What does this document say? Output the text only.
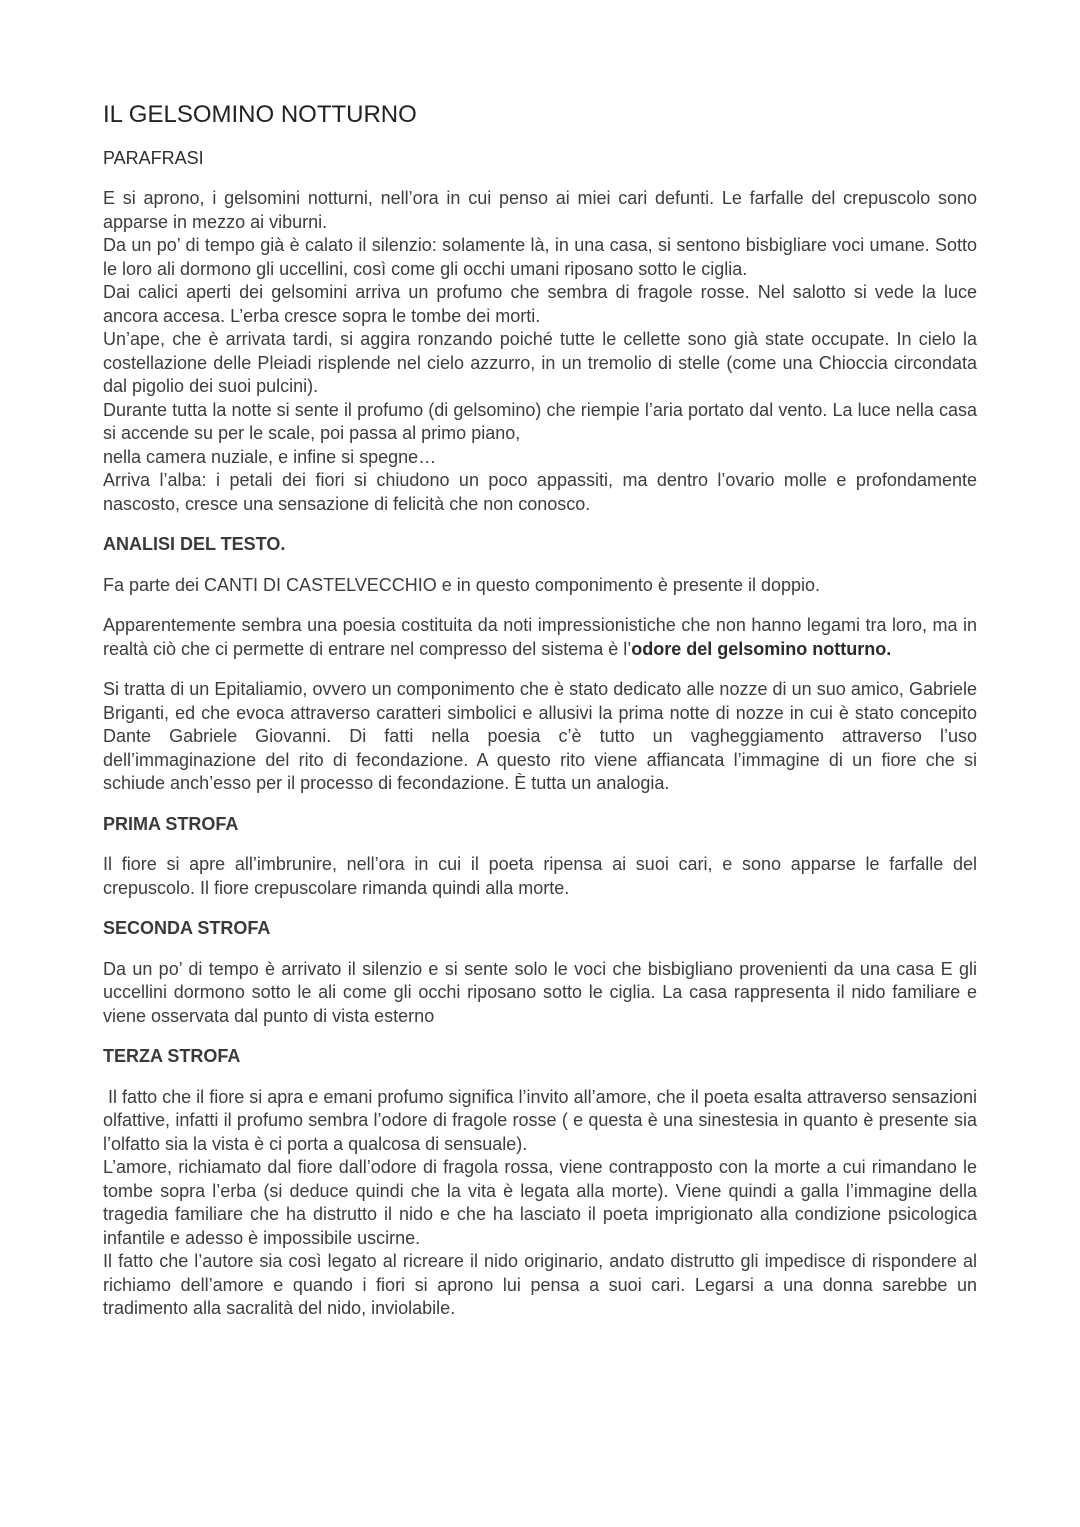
IL GELSOMINO NOTTURNO
PARAFRASI

E si aprono, i gelsomini notturni, nell’ora in cui penso ai miei cari defunti. Le farfalle del crepuscolo sono apparse in mezzo ai viburni.

Da un po’ di tempo già è calato il silenzio: solamente là, in una casa, si sentono bisbigliare voci umane. Sotto le loro ali dormono gli uccellini, così come gli occhi umani riposano sotto le ciglia.

Dai calici aperti dei gelsomini arriva un profumo che sembra di fragole rosse. Nel salotto si vede la luce ancora accesa. L’erba cresce sopra le tombe dei morti.

Un’ape, che è arrivata tardi, si aggira ronzando poiché tutte le cellette sono già state occupate. In cielo la costellazione delle Pleiadi risplende nel cielo azzurro, in un tremolio di stelle (come una Chioccia circondata dal pigolio dei suoi pulcini).

Durante tutta la notte si sente il profumo (di gelsomino) che riempie l’aria portato dal vento. La luce nella casa si accende su per le scale, poi passa al primo piano,

nella camera nuziale, e infine si spegne…

Arriva l’alba: i petali dei fiori si chiudono un poco appassiti, ma dentro l’ovario molle e profondamente nascosto, cresce una sensazione di felicità che non conosco.

ANALISI DEL TESTO.

Fa parte dei CANTI DI CASTELVECCHIO e in questo componimento è presente il doppio.

Apparentemente sembra una poesia costituita da noti impressionistiche che non hanno legami tra loro, ma in realtà ciò che ci permette di entrare nel compresso del sistema è l’odore del gelsomino notturno.

Si tratta di un Epitaliamio, ovvero un componimento che è stato dedicato alle nozze di un suo amico, Gabriele Briganti, ed che evoca attraverso caratteri simbolici e allusivi la prima notte di nozze in cui è stato concepito Dante Gabriele Giovanni. Di fatti nella poesia c’è tutto un vagheggiamento attraverso l’uso dell’immaginazione del rito di fecondazione. A questo rito viene affiancata l’immagine di un fiore che si schiude anch’esso per il processo di fecondazione. È tutta un analogia.

PRIMA STROFA

Il fiore si apre all’imbrunire, nell’ora in cui il poeta ripensa ai suoi cari, e sono apparse le farfalle del crepuscolo. Il fiore crepuscolare rimanda quindi alla morte.

SECONDA STROFA

Da un po’ di tempo è arrivato il silenzio e si sente solo le voci che bisbigliano provenienti da una casa E gli uccellini dormono sotto le ali come gli occhi riposano sotto le ciglia. La casa rappresenta il nido familiare e viene osservata dal punto di vista esterno

TERZA STROFA

Il fatto che il fiore si apra e emani profumo significa l’invito all’amore, che il poeta esalta attraverso sensazioni olfattive, infatti il profumo sembra l’odore di fragole rosse ( e questa è una sinestesia in quanto è presente sia l’olfatto sia la vista è ci porta a qualcosa di sensuale).

L’amore, richiamato dal fiore dall’odore di fragola rossa, viene contrapposto con la morte a cui rimandano le tombe sopra l’erba (si deduce quindi che la vita è legata alla morte). Viene quindi a galla l’immagine della tragedia familiare che ha distrutto il nido e che ha lasciato il poeta imprigionato alla condizione psicologica infantile e adesso è impossibile uscirne.

Il fatto che l’autore sia così legato al ricreare il nido originario, andato distrutto gli impedisce di rispondere al richiamo dell’amore e quando i fiori si aprono lui pensa a suoi cari. Legarsi a una donna sarebbe un tradimento alla sacralità del nido, inviolabile.
